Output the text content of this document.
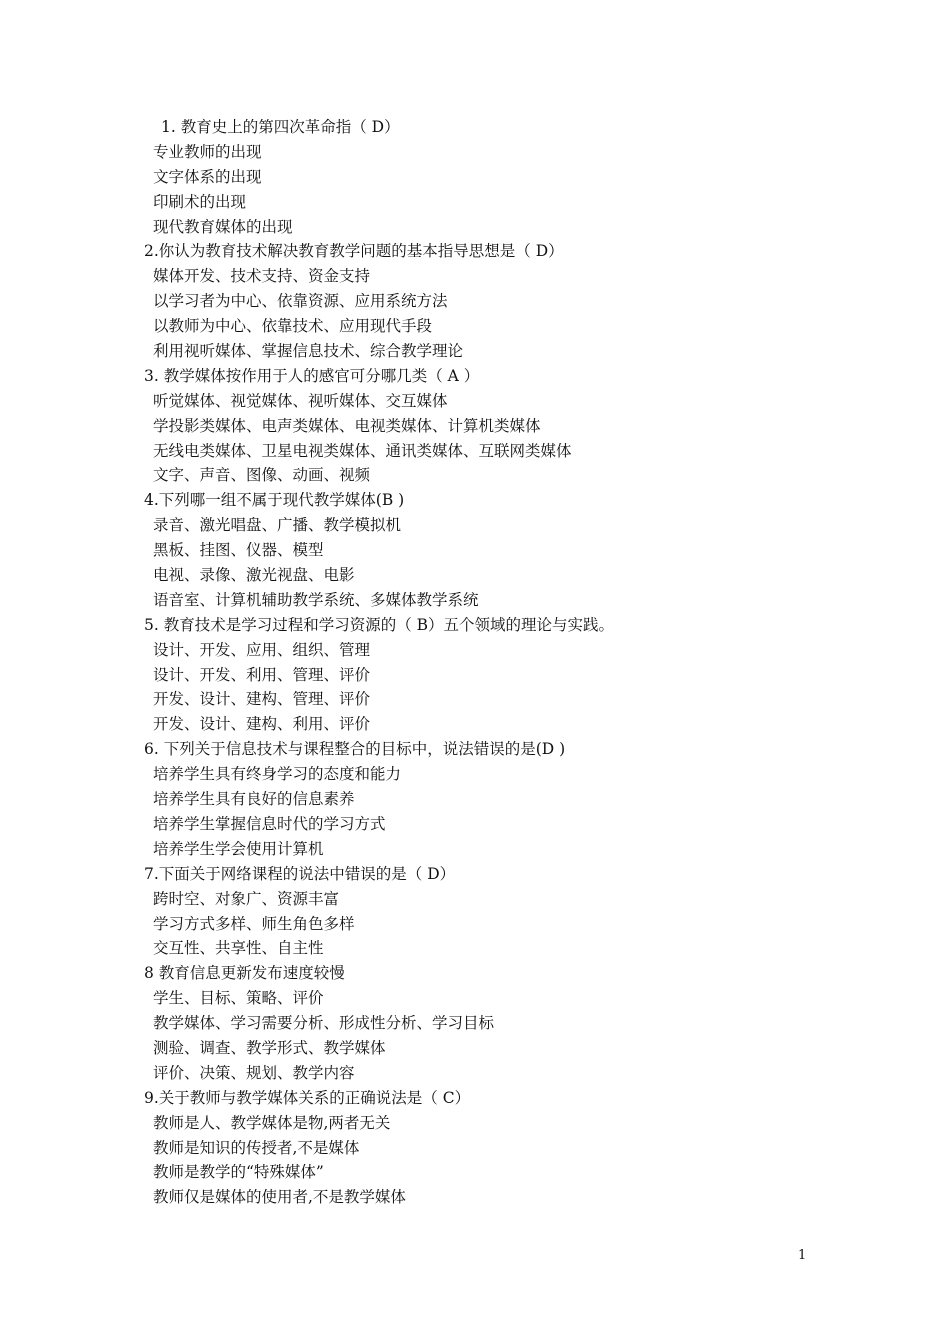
1. 教育史上的第四次革命指（ D）
专业教师的出现
文字体系的出现
印刷术的出现
现代教育媒体的出现
2.你认为教育技术解决教育教学问题的基本指导思想是（ D）
媒体开发、技术支持、资金支持
以学习者为中心、依靠资源、应用系统方法
以教师为中心、依靠技术、应用现代手段
利用视听媒体、掌握信息技术、综合教学理论
3. 教学媒体按作用于人的感官可分哪几类（ A ）
听觉媒体、视觉媒体、视听媒体、交互媒体
学投影类媒体、电声类媒体、电视类媒体、计算机类媒体
无线电类媒体、卫星电视类媒体、通讯类媒体、互联网类媒体
文字、声音、图像、动画、视频
4.下列哪一组不属于现代教学媒体(B )
录音、激光唱盘、广播、教学模拟机
黑板、挂图、仪器、模型
电视、录像、激光视盘、电影
语音室、计算机辅助教学系统、多媒体教学系统
5. 教育技术是学习过程和学习资源的（ B）五个领域的理论与实践。
设计、开发、应用、组织、管理
设计、开发、利用、管理、评价
开发、设计、建构、管理、评价
开发、设计、建构、利用、评价
6. 下列关于信息技术与课程整合的目标中，说法错误的是(D )
培养学生具有终身学习的态度和能力
培养学生具有良好的信息素养
培养学生掌握信息时代的学习方式
培养学生学会使用计算机
7.下面关于网络课程的说法中错误的是（ D）
跨时空、对象广、资源丰富
学习方式多样、师生角色多样
交互性、共享性、自主性
8 教育信息更新发布速度较慢
学生、目标、策略、评价
教学媒体、学习需要分析、形成性分析、学习目标
测验、调查、教学形式、教学媒体
评价、决策、规划、教学内容
9.关于教师与教学媒体关系的正确说法是（ C）
教师是人、教学媒体是物,两者无关
教师是知识的传授者,不是媒体
教师是教学的“特殊媒体”
教师仅是媒体的使用者,不是教学媒体
1
